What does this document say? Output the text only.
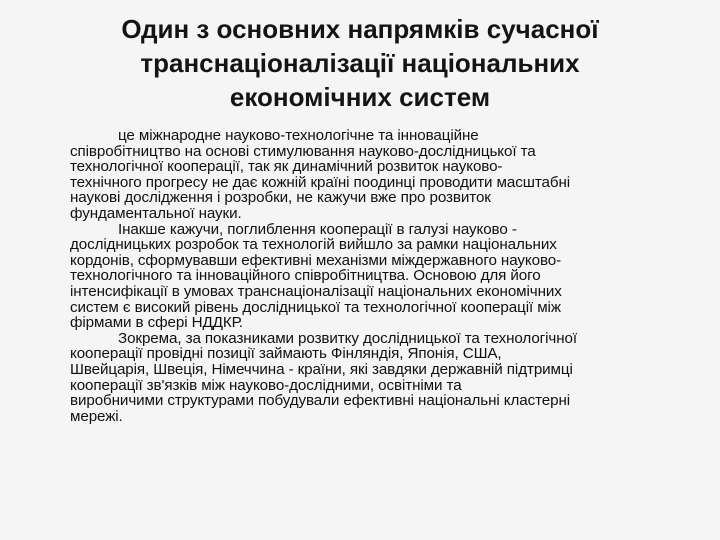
Один з основних напрямків сучасної
транснаціоналізації національних
економічних систем

це міжнародне науково-технологічне та інноваційне
співробітництво на основі стимулювання науково-дослідницької та
технологічної кооперації, так як динамічний розвиток науково-
технічного прогресу не дає кожній країні поодинці проводити масштабні
наукові дослідження і розробки, не кажучи вже про розвиток
фундаментальної науки.

Інакше кажучи, поглиблення кооперації в галузі науково -
дослідницьких розробок та технологій вийшло за рамки національних
кордонів, сформувавши ефективні механізми міждержавного науково-
технологічного та інноваційного співробітництва. Основою для його
інтенсифікації в умовах транснаціоналізації національних економічних
систем є високий рівень дослідницької та технологічної кооперації між
фірмами в сфері НДДКР.

Зокрема, за показниками розвитку дослідницької та технологічної
кооперації провідні позиції займають Фінляндія, Японія, США,
Швейцарія, Швеція, Німеччина - країни, які завдяки державній підтримці
кооперації зв'язків між науково-дослідними, освітніми та
виробничими структурами побудували ефективні національні кластерні
мережі.
